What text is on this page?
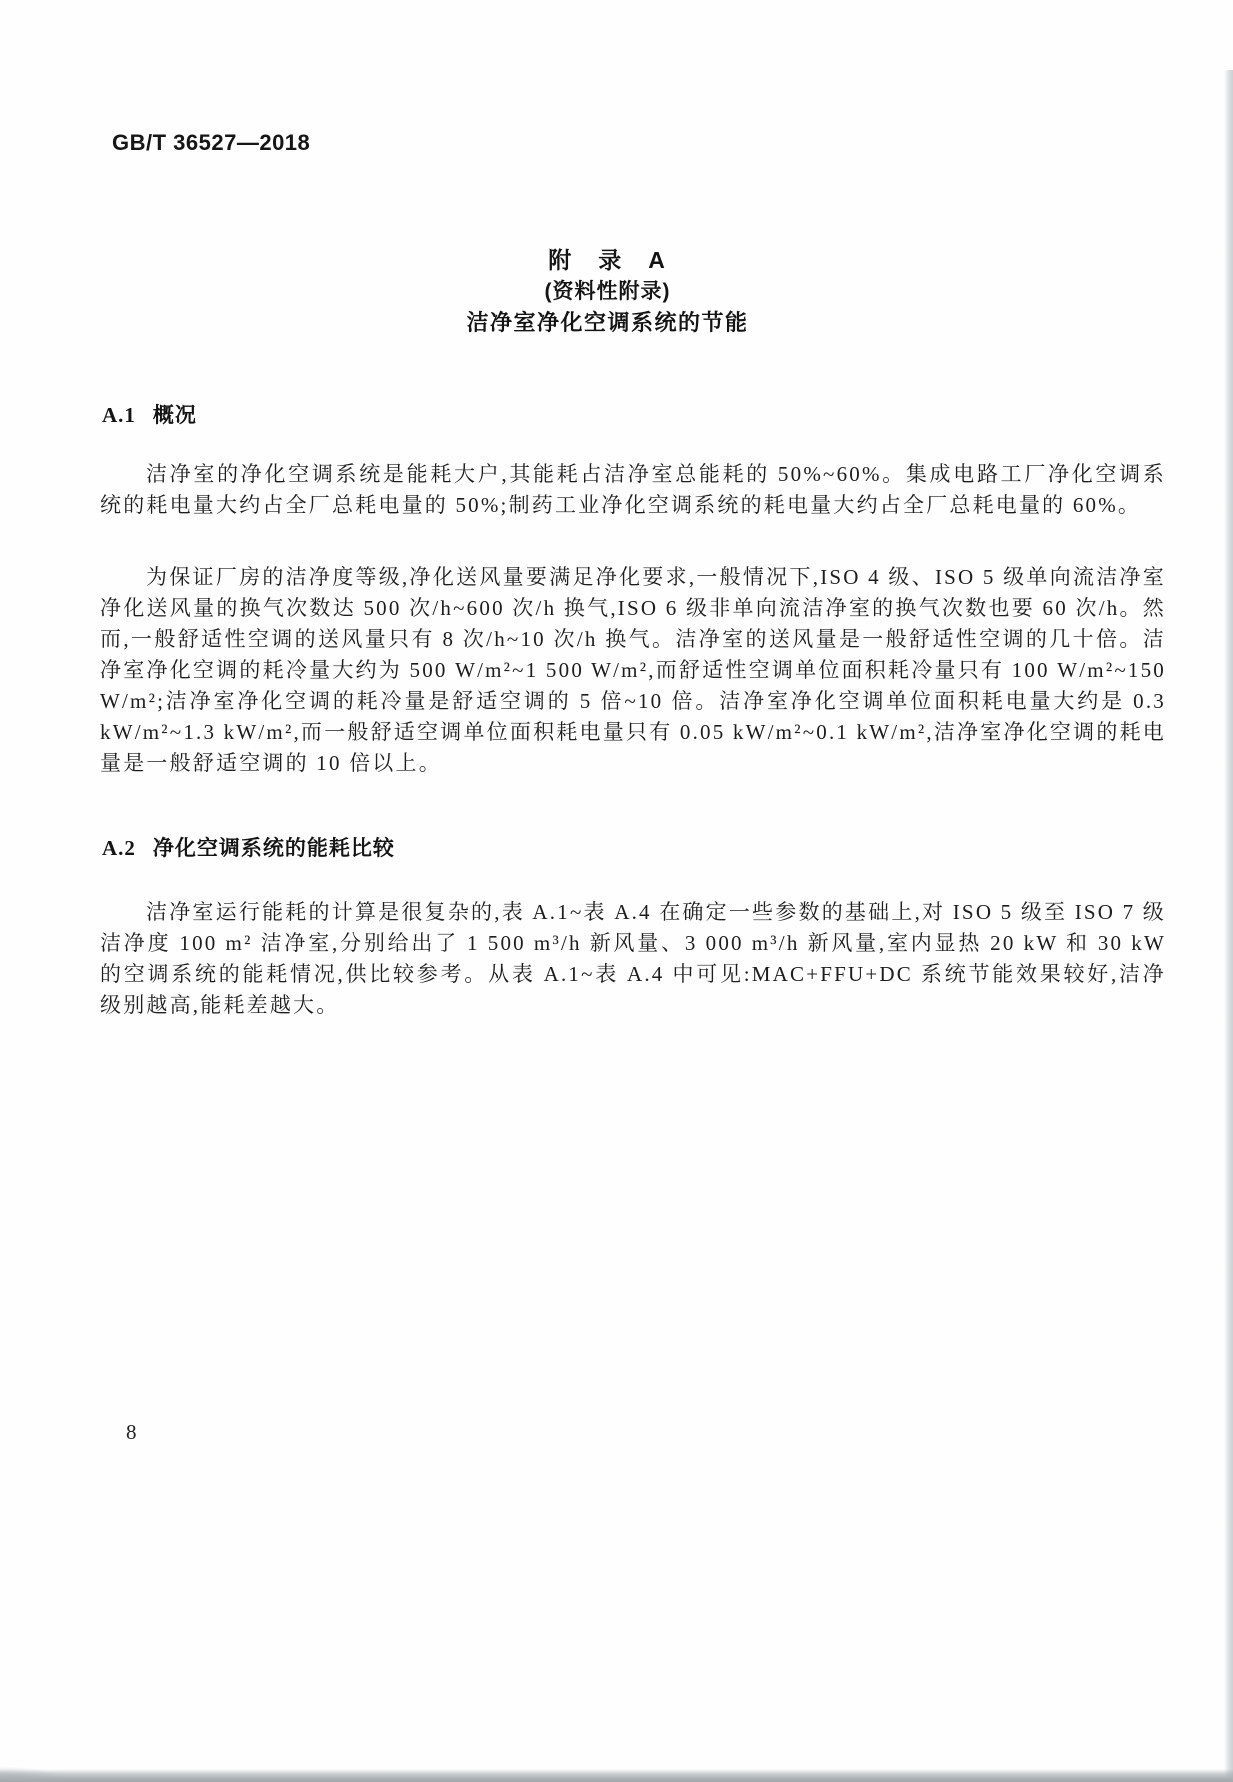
GB/T 36527—2018
附　录　A
(资料性附录)
洁净室净化空调系统的节能
A.1 概况
洁净室的净化空调系统是能耗大户,其能耗占洁净室总能耗的 50%~60%。集成电路工厂净化空调系统的耗电量大约占全厂总耗电量的 50%;制药工业净化空调系统的耗电量大约占全厂总耗电量的 60%。
为保证厂房的洁净度等级,净化送风量要满足净化要求,一般情况下,ISO 4 级、ISO 5 级单向流洁净室净化送风量的换气次数达 500 次/h~600 次/h 换气,ISO 6 级非单向流洁净室的换气次数也要 60 次/h。然而,一般舒适性空调的送风量只有 8 次/h~10 次/h 换气。洁净室的送风量是一般舒适性空调的几十倍。洁净室净化空调的耗冷量大约为 500 W/m²~1 500 W/m²,而舒适性空调单位面积耗冷量只有 100 W/m²~150 W/m²;洁净室净化空调的耗冷量是舒适空调的 5 倍~10 倍。洁净室净化空调单位面积耗电量大约是 0.3 kW/m²~1.3 kW/m²,而一般舒适空调单位面积耗电量只有 0.05 kW/m²~0.1 kW/m²,洁净室净化空调的耗电量是一般舒适空调的 10 倍以上。
A.2 净化空调系统的能耗比较
洁净室运行能耗的计算是很复杂的,表 A.1~表 A.4 在确定一些参数的基础上,对 ISO 5 级至 ISO 7 级洁净度 100 m² 洁净室,分别给出了 1 500 m³/h 新风量、3 000 m³/h 新风量,室内显热 20 kW 和 30 kW 的空调系统的能耗情况,供比较参考。从表 A.1~表 A.4 中可见:MAC+FFU+DC 系统节能效果较好,洁净级别越高,能耗差越大。
8
